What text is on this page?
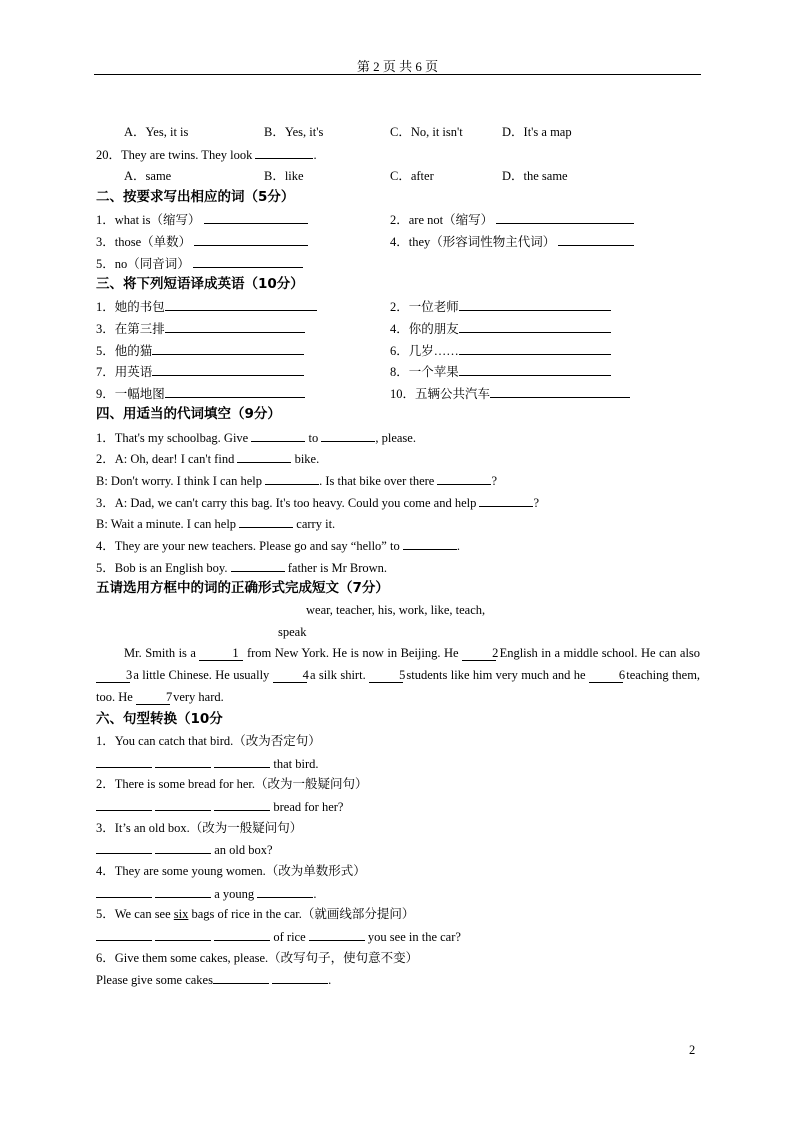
第 2 页 共 6 页
A．Yes, it is	B．Yes, it's	C．No, it isn't	D．It's a map
20．They are twins. They look	.
A．same	B．like	C．after	D．the same
二、按要求写出相应的词（5分）
1．what is（缩写）	2．are not（缩写）
3．those（单数）	4．they（形容词性物主代词）
5．no（同音词）
三、将下列短语译成英语（10分）
1．她的书包	2．一位老师
3．在第三排	4．你的朋友
5．他的猫	6．几岁……
7．用英语	8．一个苹果
9．一幅地图	10．五辆公共汽车
四、用适当的代词填空（9分）
1．That's my schoolbag. Give	to	, please.
2．A: Oh, dear! I can't find	bike.
B: Don't worry. I think I can help	. Is that bike over there	?
3．A: Dad, we can't carry this bag. It's too heavy. Could you come and help	?
B: Wait a minute. I can help	carry it.
4．They are your new teachers. Please go and say “hello” to	.
5．Bob is an English boy.	father is Mr Brown.
五请选用方框中的词的正确形式完成短文（7分）
wear, teacher, his, work, like, teach,
speak
Mr. Smith is a	1 from New York. He is now in Beijing. He	2 English in a middle school. He can also 3 a little Chinese. He usually	4 a silk shirt.	5 students like him very much and he	6 teaching them, too. He	7 very hard.
六、句型转换（10分
1．You can catch that bird.（改为否定句）
that bird.
2．There is some bread for her.（改为一般疑问句）
bread for her?
3．It’s an old box.（改为一般疑问句）
an old box?
4．They are some young women.（改为单数形式）
a young	.
5．We can see six bags of rice in the car.（就画线部分提问）
of rice	you see in the car?
6．Give them some cakes, please.（改写句子，使句意不变）
Please give some cakes	.
2
